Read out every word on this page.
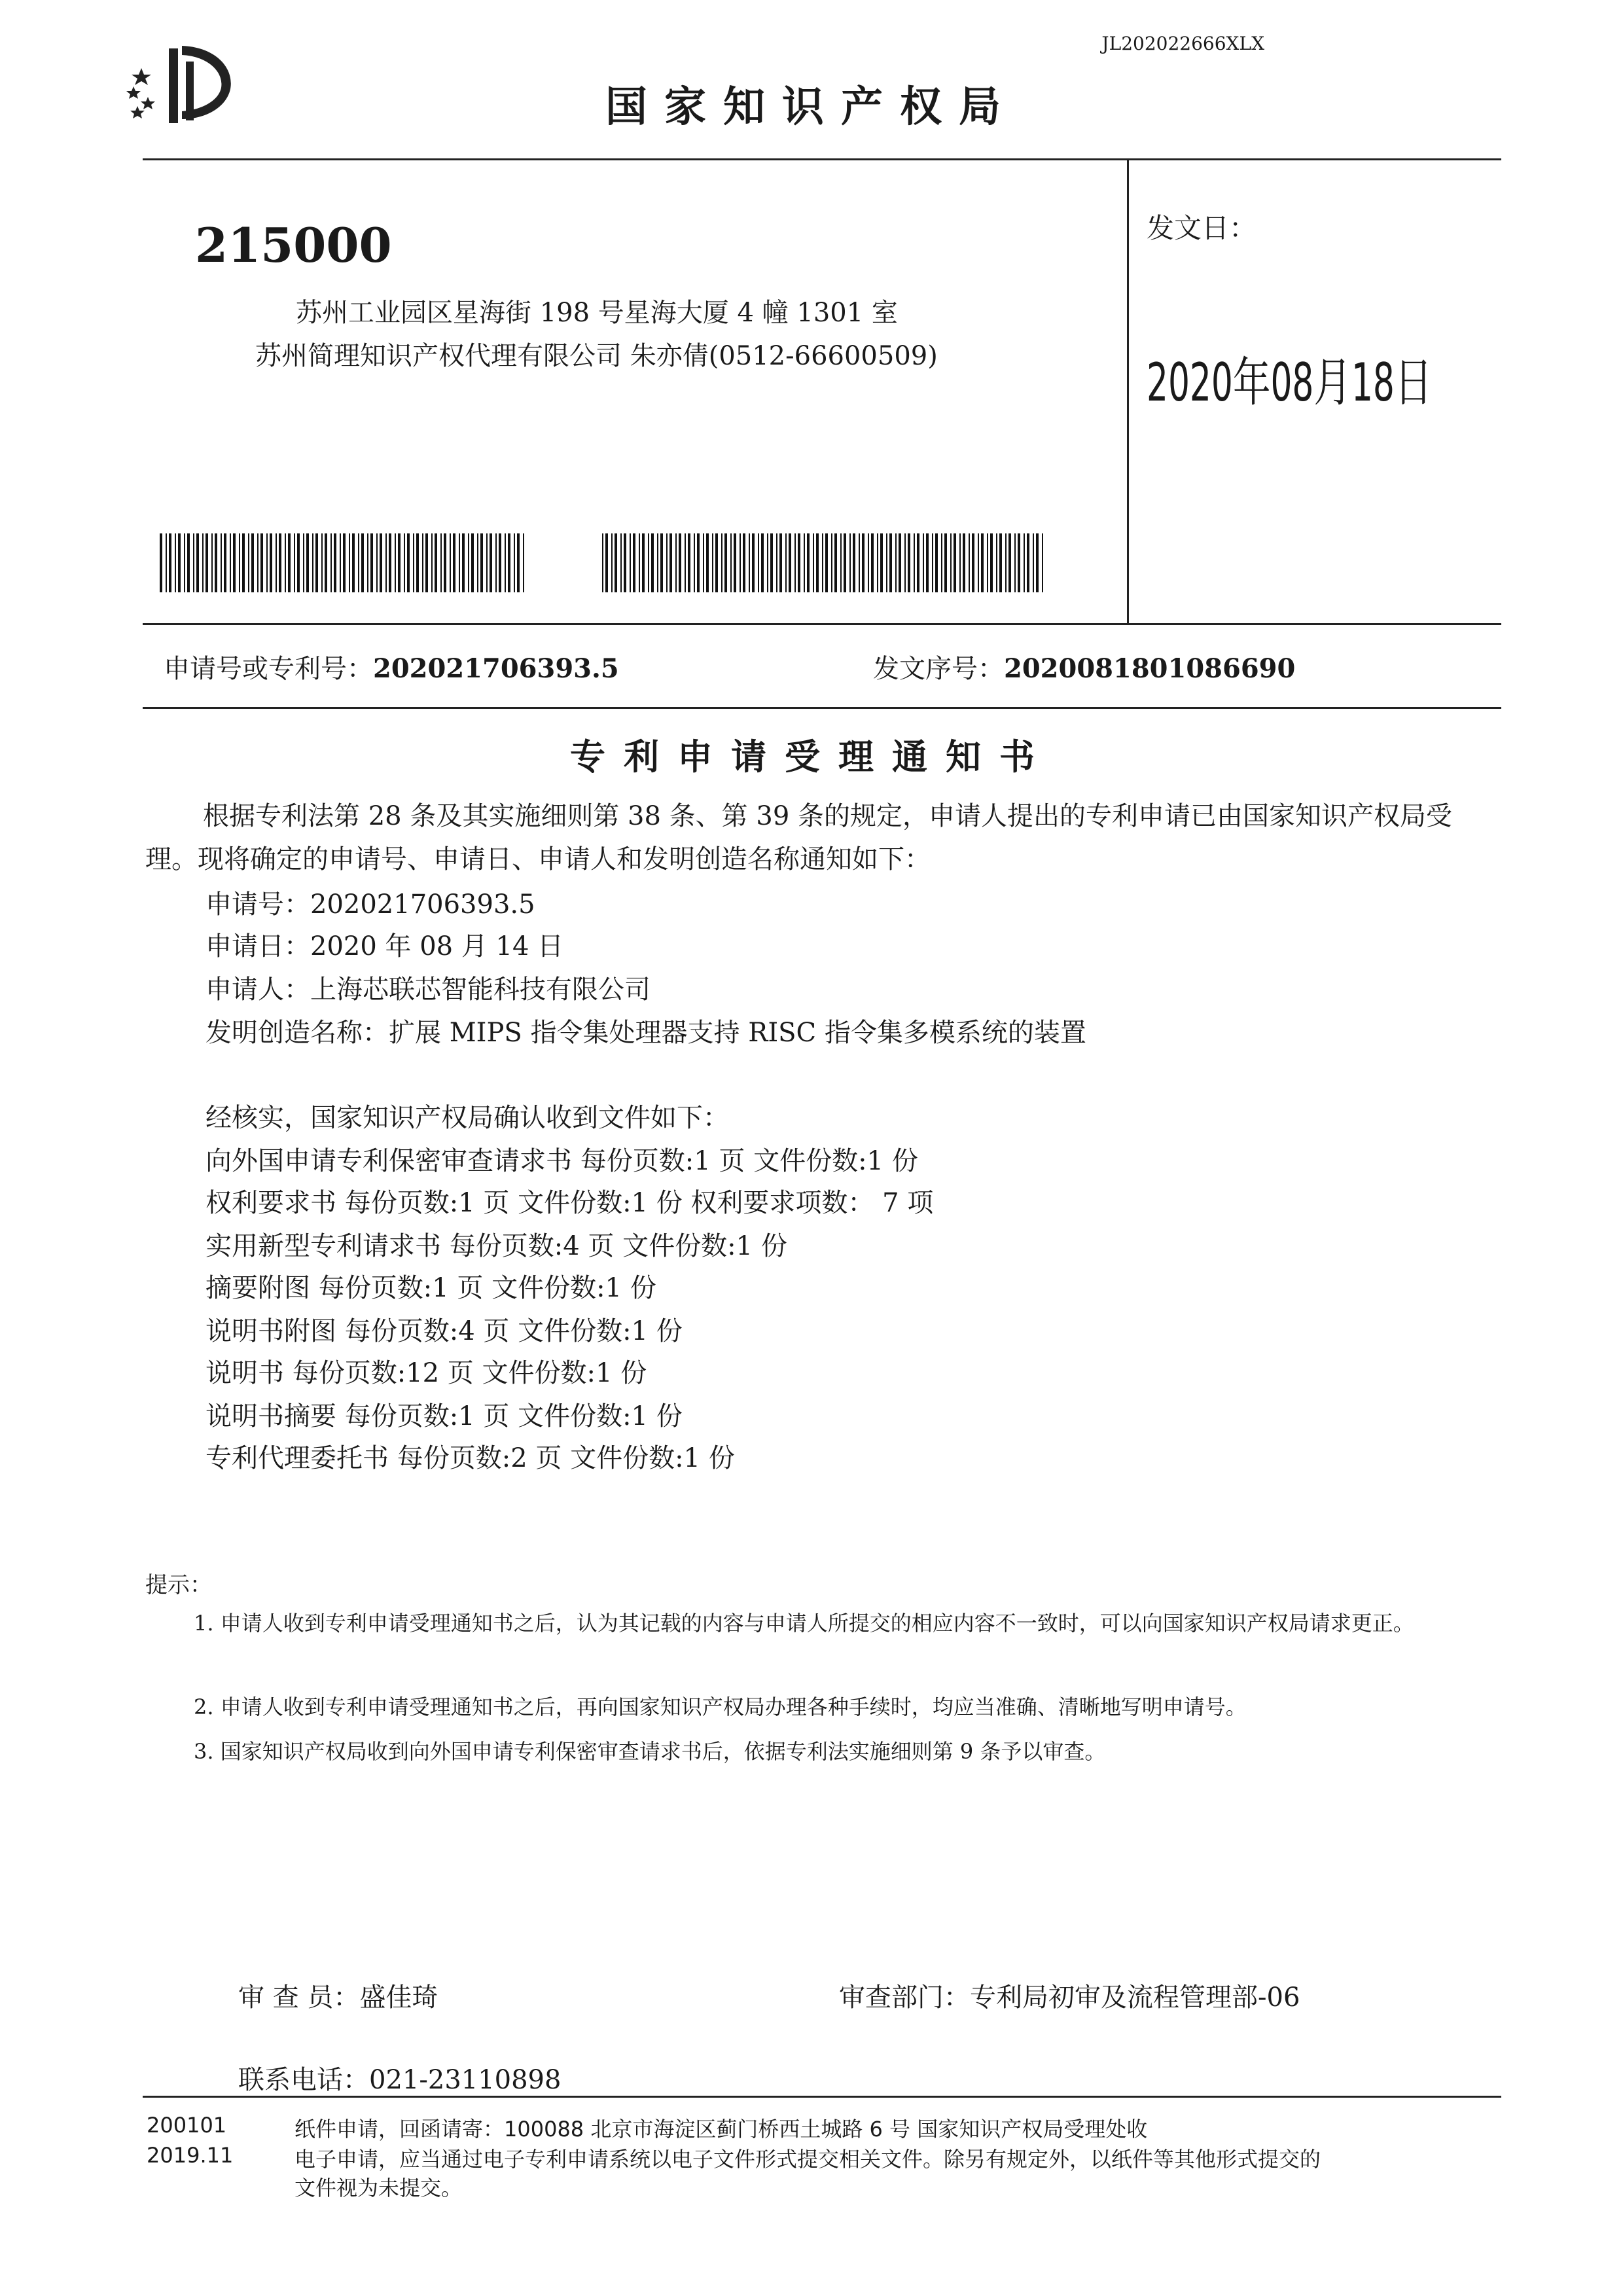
JL202022666XLX
国家知识产权局
215000
苏州工业园区星海街 198 号星海大厦 4 幢 1301 室
苏州简理知识产权代理有限公司 朱亦倩(0512-66600509)
发文日：
2020年08月18日
申请号或专利号：202021706393.5	发文序号：2020081801086690
专利申请受理通知书
根据专利法第 28 条及其实施细则第 38 条、第 39 条的规定，申请人提出的专利申请已由国家知识产权局受理。现将确定的申请号、申请日、申请人和发明创造名称通知如下：
申请号：202021706393.5
申请日：2020 年 08 月 14 日
申请人：上海芯联芯智能科技有限公司
发明创造名称：扩展 MIPS 指令集处理器支持 RISC 指令集多模系统的装置
经核实，国家知识产权局确认收到文件如下：
向外国申请专利保密审查请求书 每份页数:1 页 文件份数:1 份
权利要求书 每份页数:1 页 文件份数:1 份 权利要求项数： 7 项
实用新型专利请求书 每份页数:4 页 文件份数:1 份
摘要附图 每份页数:1 页 文件份数:1 份
说明书附图 每份页数:4 页 文件份数:1 份
说明书 每份页数:12 页 文件份数:1 份
说明书摘要 每份页数:1 页 文件份数:1 份
专利代理委托书 每份页数:2 页 文件份数:1 份
提示：
1. 申请人收到专利申请受理通知书之后，认为其记载的内容与申请人所提交的相应内容不一致时，可以向国家知识产权局请求更正。
2. 申请人收到专利申请受理通知书之后，再向国家知识产权局办理各种手续时，均应当准确、清晰地写明申请号。
3. 国家知识产权局收到向外国申请专利保密审查请求书后，依据专利法实施细则第 9 条予以审查。
审 查 员：盛佳琦	审查部门：专利局初审及流程管理部-06
联系电话：021-23110898
200101
2019.11
纸件申请，回函请寄：100088 北京市海淀区蓟门桥西土城路 6 号 国家知识产权局受理处收
电子申请，应当通过电子专利申请系统以电子文件形式提交相关文件。除另有规定外，以纸件等其他形式提交的
文件视为未提交。
